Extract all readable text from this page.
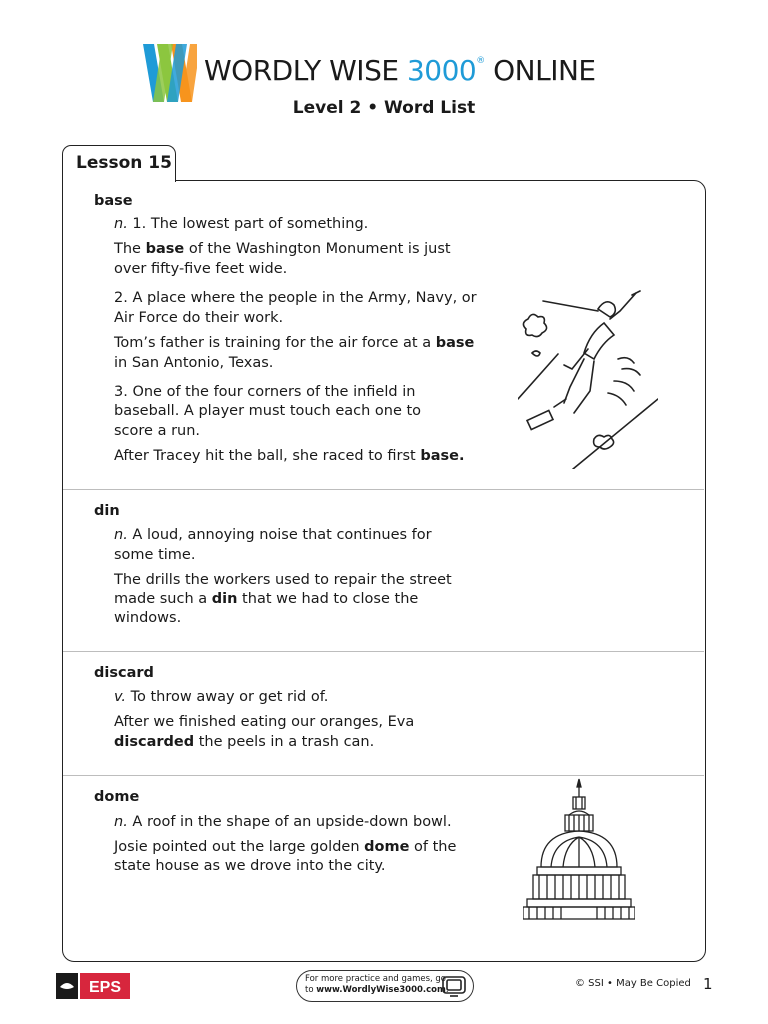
WORDLY WISE 3000® ONLINE
Level 2 • Word List
Lesson 15
base
n. 1. The lowest part of something.
The base of the Washington Monument is just
over fifty-five feet wide.
2. A place where the people in the Army, Navy, or
Air Force do their work.
Tom’s father is training for the air force at a base
in San Antonio, Texas.
3. One of the four corners of the infield in
baseball. A player must touch each one to
score a run.
After Tracey hit the ball, she raced to first base.
din
n. A loud, annoying noise that continues for
some time.
The drills the workers used to repair the street
made such a din that we had to close the
windows.
discard
v. To throw away or get rid of.
After we finished eating our oranges, Eva
discarded the peels in a trash can.
dome
n. A roof in the shape of an upside-down bowl.
Josie pointed out the large golden dome of the
state house as we drove into the city.
EPS	For more practice and games, go
to www.WordlyWise3000.com.
© SSI • May Be Copied 1
